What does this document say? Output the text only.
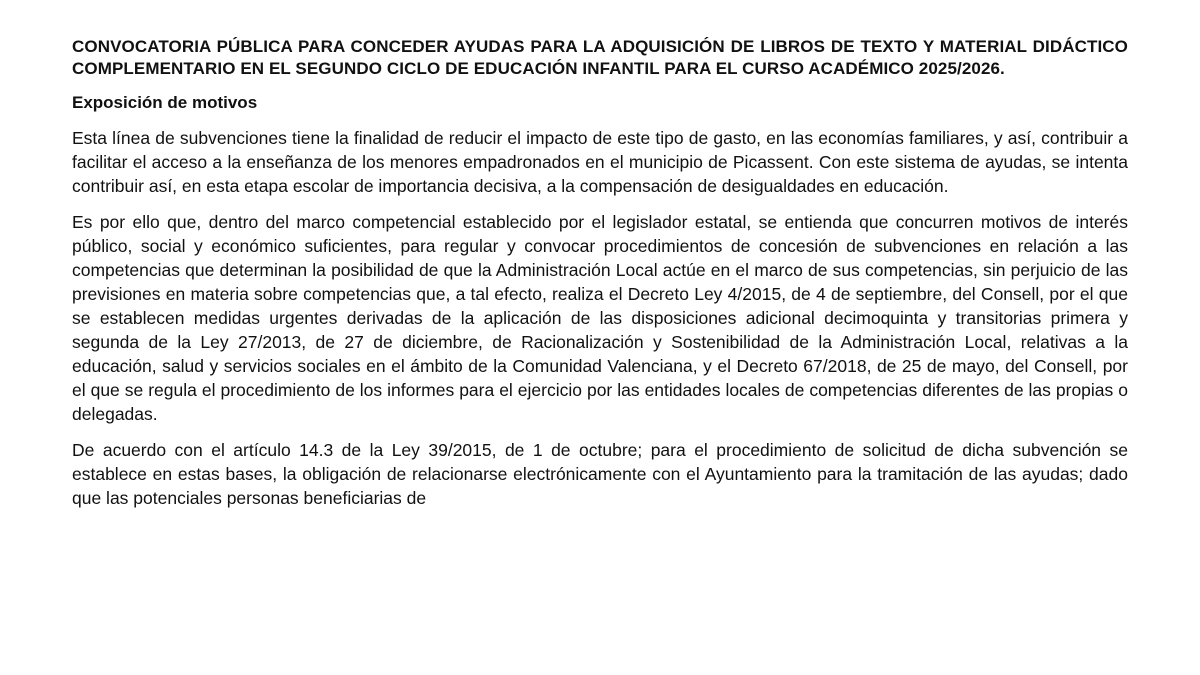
CONVOCATORIA PÚBLICA PARA CONCEDER AYUDAS PARA LA ADQUISICIÓN DE LIBROS DE TEXTO Y MATERIAL DIDÁCTICO COMPLEMENTARIO EN EL SEGUNDO CICLO DE EDUCACIÓN INFANTIL PARA EL CURSO ACADÉMICO 2025/2026.
Exposición de motivos

Esta línea de subvenciones tiene la finalidad de reducir el impacto de este tipo de gasto, en las economías familiares, y así, contribuir a facilitar el acceso a la enseñanza de los menores empadronados en el municipio de Picassent. Con este sistema de ayudas, se intenta contribuir así, en esta etapa escolar de importancia decisiva, a la compensación de desigualdades en educación.

Es por ello que, dentro del marco competencial establecido por el legislador estatal, se entienda que concurren motivos de interés público, social y económico suficientes, para regular y convocar procedimientos de concesión de subvenciones en relación a las competencias que determinan la posibilidad de que la Administración Local actúe en el marco de sus competencias, sin perjuicio de las previsiones en materia sobre competencias que, a tal efecto, realiza el Decreto Ley 4/2015, de 4 de septiembre, del Consell, por el que se establecen medidas urgentes derivadas de la aplicación de las disposiciones adicional decimoquinta y transitorias primera y segunda de la Ley 27/2013, de 27 de diciembre, de Racionalización y Sostenibilidad de la Administración Local, relativas a la educación, salud y servicios sociales en el ámbito de la Comunidad Valenciana, y el Decreto 67/2018, de 25 de mayo, del Consell, por el que se regula el procedimiento de los informes para el ejercicio por las entidades locales de competencias diferentes de las propias o delegadas.

De acuerdo con el artículo 14.3 de la Ley 39/2015, de 1 de octubre; para el procedimiento de solicitud de dicha subvención se establece en estas bases, la obligación de relacionarse electrónicamente con el Ayuntamiento para la tramitación de las ayudas; dado que las potenciales personas beneficiarias de
